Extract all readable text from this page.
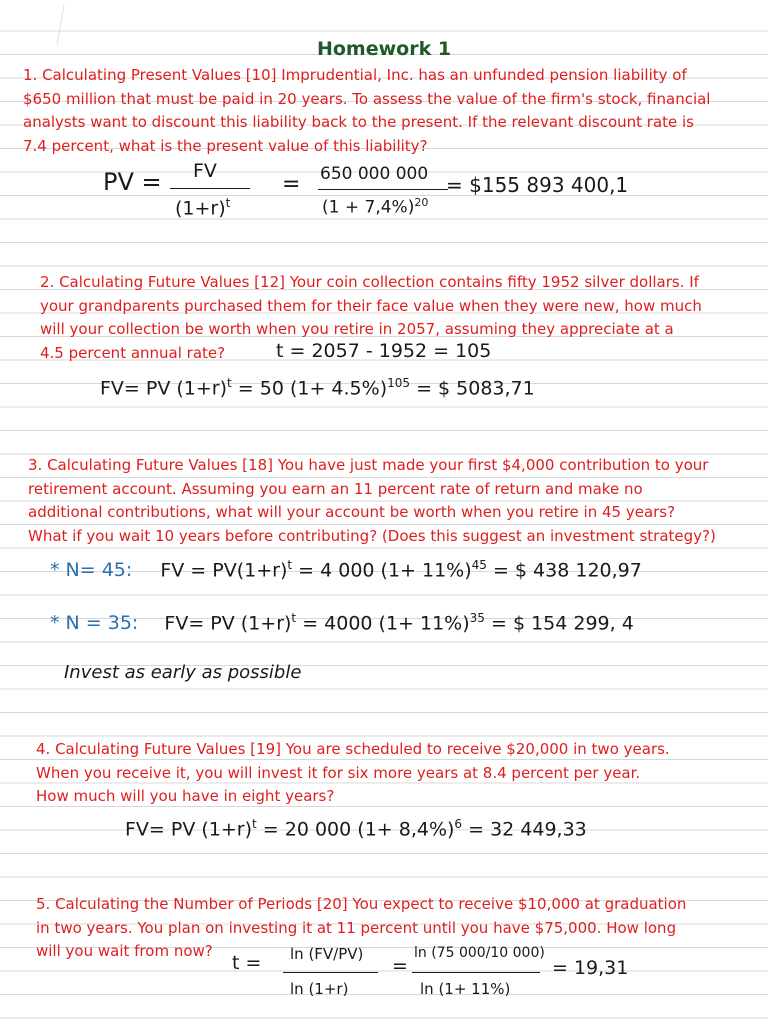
Homework 1
1. Calculating Present Values [10] Imprudential, Inc. has an unfunded pension liability of
$650 million that must be paid in 20 years. To assess the value of the firm's stock, financial
analysts want to discount this liability back to the present. If the relevant discount rate is
7.4 percent, what is the present value of this liability?
PV = FV
$(1+r)^t$
= 650 000 000
$(1 + 7,4\%)^{20}$
= $155 893 400,1
2. Calculating Future Values [12] Your coin collection contains fifty 1952 silver dollars. If
your grandparents purchased them for their face value when they were new, how much
will your collection be worth when you retire in 2057, assuming they appreciate at a
4.5 percent annual rate?	t = 2057 - 1952 = 105
FV= PV $(1+r)^t = 50$ $(1+ 4.5\%)^{105}$ = $ 5083,71
3. Calculating Future Values [18] You have just made your first $4,000 contribution to your
retirement account. Assuming you earn an 11 percent rate of return and make no
additional contributions, what will your account be worth when you retire in 45 years?
What if you wait 10 years before contributing? (Does this suggest an investment strategy?)
* N= 45: FV = $PV(1+r)^t = 4$ 000 $(1+ 11\%)^{45}$ = $ 438 120,97
* N = 35: FV= PV $(1+r)^t = 4000$ $(1+ 11\%)^{35}$ = $ 154 299, 4
Invest as early as possible
4. Calculating Future Values [19] You are scheduled to receive $20,000 in two years.
When you receive it, you will invest it for six more years at 8.4 percent per year.
How much will you have in eight years?
FV= PV $(1+r)^t = 20$ 000 $(1+ 8,4\%)^6 = 32$ 449,33
5. Calculating the Number of Periods [20] You expect to receive $10,000 at graduation
in two years. You plan on investing it at 11 percent until you have $75,000. How long
will you wait from now?
t = ln (FV/PV)
ln (1+r)
=
ln (75 000/10 000)
ln (1+ 11%)
= 19,31
